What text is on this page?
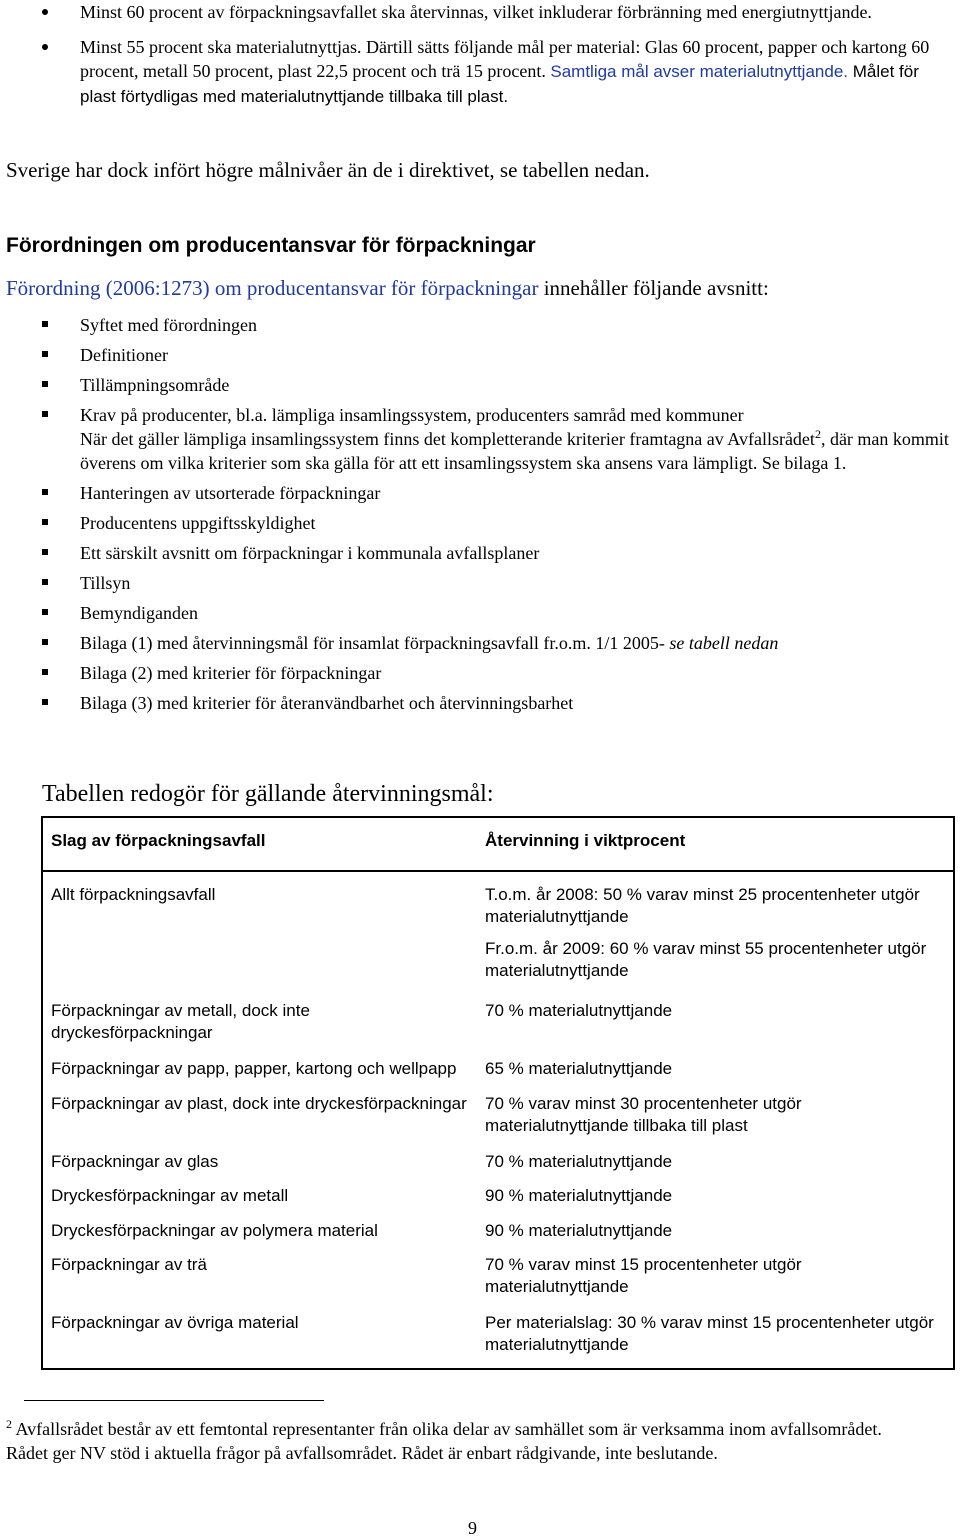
Minst 60 procent av förpackningsavfallet ska återvinnas, vilket inkluderar förbränning med energiutnyttjande.
Minst 55 procent ska materialutnyttjas. Därtill sätts följande mål per material: Glas 60 procent, papper och kartong 60 procent, metall 50 procent, plast 22,5 procent och trä 15 procent. Samtliga mål avser materialutnyttjande. Målet för plast förtydligas med materialutnyttjande tillbaka till plast.
Sverige har dock infört högre målnivåer än de i direktivet, se tabellen nedan.
Förordningen om producentansvar för förpackningar
Förordning (2006:1273) om producentansvar för förpackningar innehåller följande avsnitt:
Syftet med förordningen
Definitioner
Tillämpningsområde
Krav på producenter, bl.a. lämpliga insamlingssystem, producenters samråd med kommuner
När det gäller lämpliga insamlingssystem finns det kompletterande kriterier framtagna av Avfallsrådet$^2$, där man kommit överens om vilka kriterier som ska gälla för att ett insamlingssystem ska ansens vara lämpligt. Se bilaga 1.
Hanteringen av utsorterade förpackningar
Producentens uppgiftsskyldighet
Ett särskilt avsnitt om förpackningar i kommunala avfallsplaner
Tillsyn
Bemyndiganden
Bilaga (1) med återvinningsmål för insamlat förpackningsavfall fr.o.m. 1/1 2005- se tabell nedan
Bilaga (2) med kriterier för förpackningar
Bilaga (3) med kriterier för återanvändbarhet och återvinningsbarhet
Tabellen redogör för gällande återvinningsmål:
Slag av förpackningsavfall	Återvinning i viktprocent
Allt förpackningsavfall	T.o.m. år 2008: 50 % varav minst 25 procentenheter utgör materialutnyttjande
Fr.o.m. år 2009: 60 % varav minst 55 procentenheter utgör materialutnyttjande

Förpackningar av metall, dock inte dryckesförpackningar	70 % materialutnyttjande
Förpackningar av papp, papper, kartong och wellpapp	65 % materialutnyttjande
Förpackningar av plast, dock inte dryckesförpackningar	70 % varav minst 30 procentenheter utgör materialutnyttjande tillbaka till plast
Förpackningar av glas	70 % materialutnyttjande
Dryckesförpackningar av metall	90 % materialutnyttjande
Dryckesförpackningar av polymera material	90 % materialutnyttjande
Förpackningar av trä	70 % varav minst 15 procentenheter utgör materialutnyttjande
Förpackningar av övriga material	Per materialslag: 30 % varav minst 15 procentenheter utgör materialutnyttjande
$^2$ Avfallsrådet består av ett femtontal representanter från olika delar av samhället som är verksamma inom avfallsområdet. Rådet ger NV stöd i aktuella frågor på avfallsområdet. Rådet är enbart rådgivande, inte beslutande.
9
